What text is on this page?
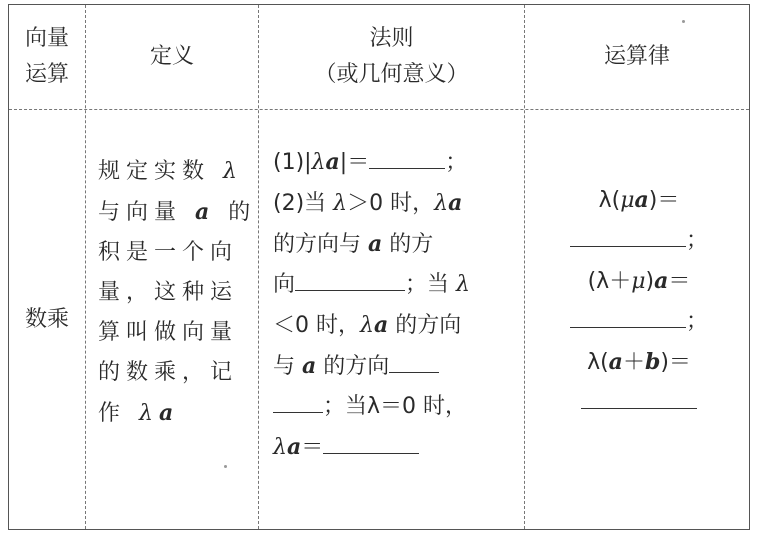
向量
运算
定义
法则
（或几何意义）
运算律
数乘
规定实数 λ
与向量 a 的
积是一个向
量，这种运
算叫做向量
的数乘，记
作 λa
(1)|λa|＝	；
(2)当 λ＞0 时，λa
的方向与 a 的方
向	；当 λ
＜0 时，λa 的方向
与 a 的方向
；当λ＝0 时，
λa＝
λ(μa)＝
；
(λ＋μ)a＝
；
λ(a＋b)＝
